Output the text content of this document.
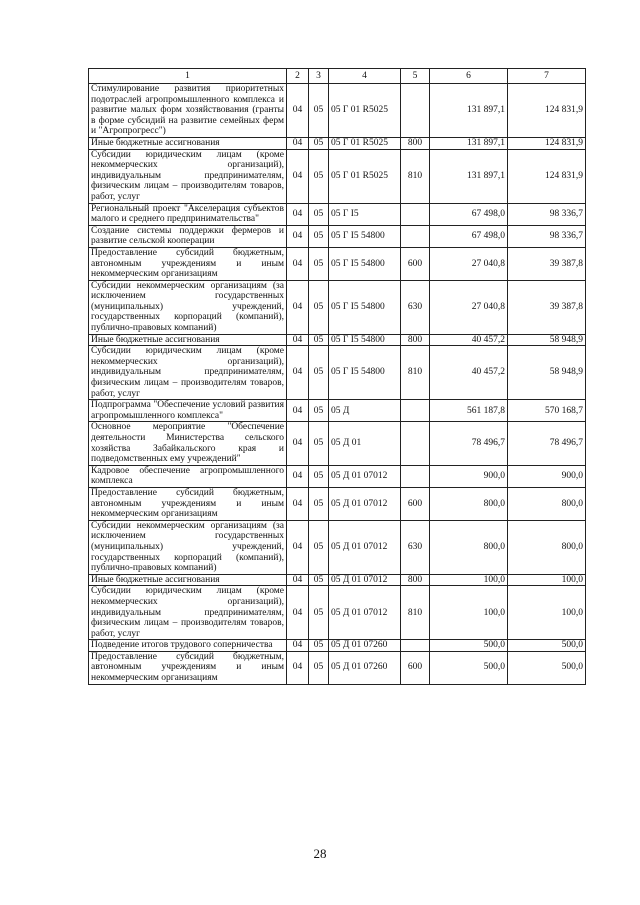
1	2	3	4	5	6	7
Стимулирование развития приоритетных подотраслей агропромышленного комплекса и развитие малых форм хозяйствования (гранты в форме субсидий на развитие семейных ферм и "Агропрогресс")	04	05	05 Г 01 R5025		131 897,1	124 831,9
Иные бюджетные ассигнования	04	05	05 Г 01 R5025	800	131 897,1	124 831,9
Субсидии юридическим лицам (кроме некоммерческих организаций), индивидуальным предпринимателям, физическим лицам – производителям товаров, работ, услуг	04	05	05 Г 01 R5025	810	131 897,1	124 831,9
Региональный проект "Акселерация субъектов малого и среднего предпринимательства"	04	05	05 Г I5		67 498,0	98 336,7
Создание системы поддержки фермеров и развитие сельской кооперации	04	05	05 Г I5 54800		67 498,0	98 336,7
Предоставление субсидий бюджетным, автономным учреждениям и иным некоммерческим организациям	04	05	05 Г I5 54800	600	27 040,8	39 387,8
Субсидии некоммерческим организациям (за исключением государственных (муниципальных) учреждений, государственных корпораций (компаний), публично-правовых компаний)	04	05	05 Г I5 54800	630	27 040,8	39 387,8
Иные бюджетные ассигнования	04	05	05 Г I5 54800	800	40 457,2	58 948,9
Субсидии юридическим лицам (кроме некоммерческих организаций), индивидуальным предпринимателям, физическим лицам – производителям товаров, работ, услуг	04	05	05 Г I5 54800	810	40 457,2	58 948,9
Подпрограмма "Обеспечение условий развития агропромышленного комплекса"	04	05	05 Д		561 187,8	570 168,7
Основное мероприятие "Обеспечение деятельности Министерства сельского хозяйства Забайкальского края и подведомственных ему учреждений"	04	05	05 Д 01		78 496,7	78 496,7
Кадровое обеспечение агропромышленного комплекса	04	05	05 Д 01 07012		900,0	900,0
Предоставление субсидий бюджетным, автономным учреждениям и иным некоммерческим организациям	04	05	05 Д 01 07012	600	800,0	800,0
Субсидии некоммерческим организациям (за исключением государственных (муниципальных) учреждений, государственных корпораций (компаний), публично-правовых компаний)	04	05	05 Д 01 07012	630	800,0	800,0
Иные бюджетные ассигнования	04	05	05 Д 01 07012	800	100,0	100,0
Субсидии юридическим лицам (кроме некоммерческих организаций), индивидуальным предпринимателям, физическим лицам – производителям товаров, работ, услуг	04	05	05 Д 01 07012	810	100,0	100,0
Подведение итогов трудового соперничества	04	05	05 Д 01 07260		500,0	500,0
Предоставление субсидий бюджетным, автономным учреждениям и иным некоммерческим организациям	04	05	05 Д 01 07260	600	500,0	500,0
28
